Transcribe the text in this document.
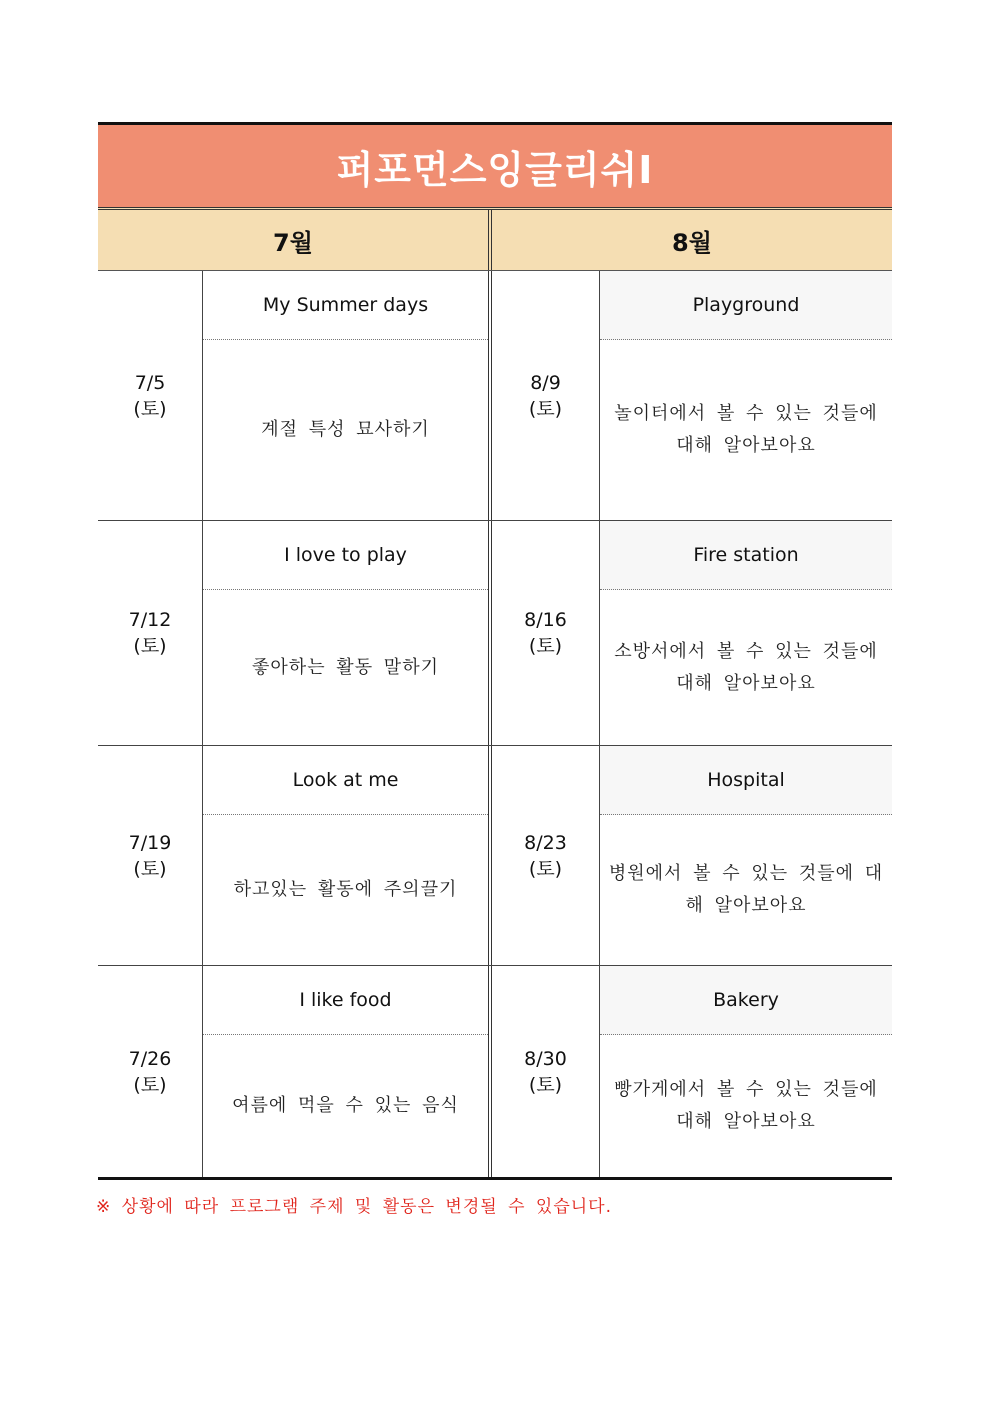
퍼포먼스잉글리쉬Ⅰ
7월	8월
7/5
(토)
My Summer days
계절 특성 묘사하기
8/9
(토)
Playground
놀이터에서 볼 수 있는 것들에 대해 알아보아요
7/12
(토)
I love to play
좋아하는 활동 말하기
8/16
(토)
Fire station
소방서에서 볼 수 있는 것들에 대해 알아보아요
7/19
(토)
Look at me
하고있는 활동에 주의끌기
8/23
(토)
Hospital
병원에서 볼 수 있는 것들에 대해 알아보아요
7/26
(토)
I like food
여름에 먹을 수 있는 음식
8/30
(토)
Bakery
빵가게에서 볼 수 있는 것들에 대해 알아보아요
※ 상황에 따라 프로그램 주제 및 활동은 변경될 수 있습니다.
